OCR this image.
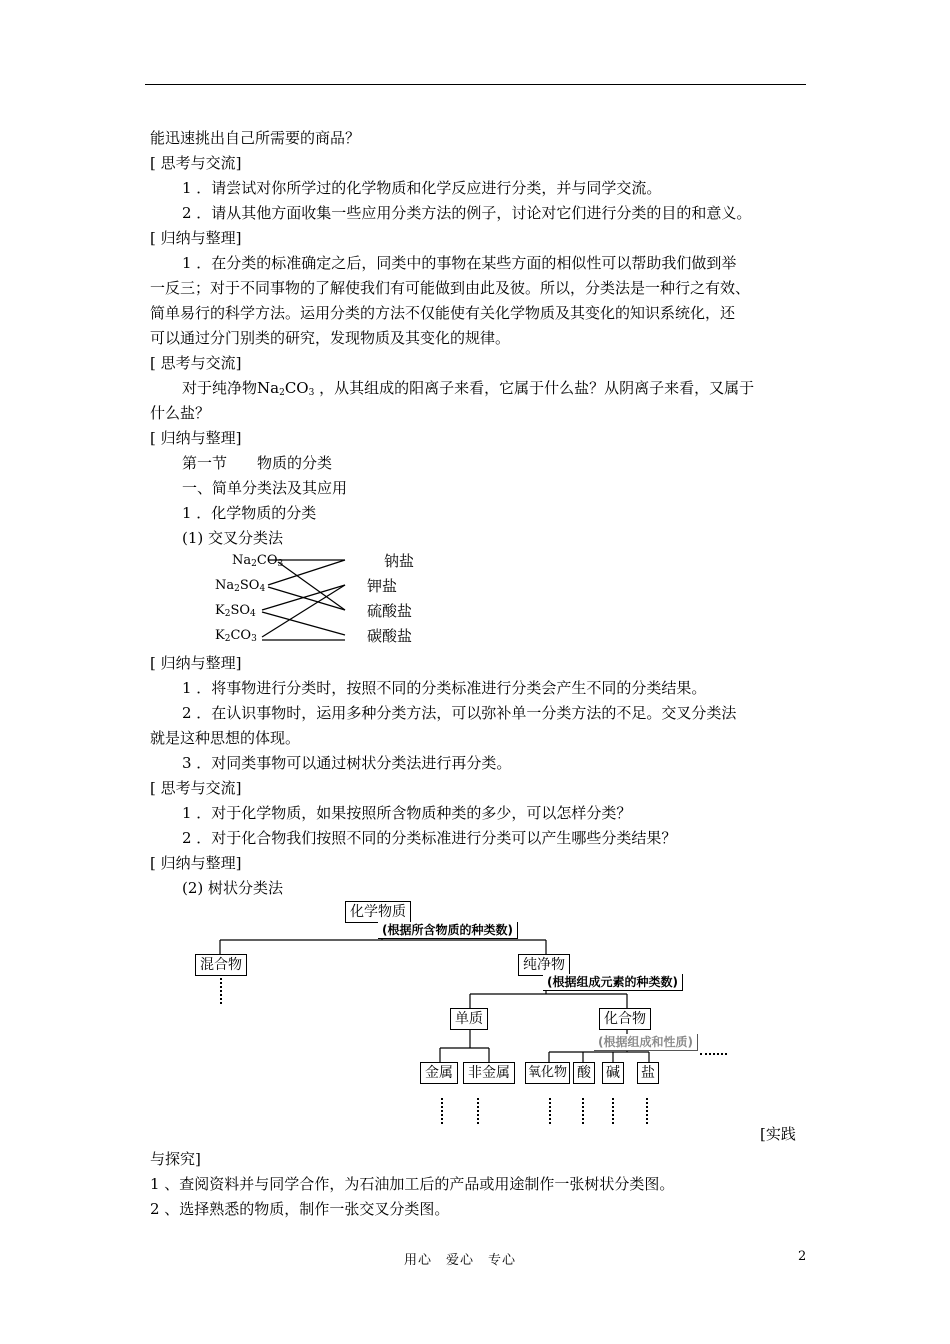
能迅速挑出自己所需要的商品？
[ 思考与交流]
1 ．请尝试对你所学过的化学物质和化学反应进行分类，并与同学交流。
2 ．请从其他方面收集一些应用分类方法的例子，讨论对它们进行分类的目的和意义。
[ 归纳与整理]
1 ．在分类的标准确定之后，同类中的事物在某些方面的相似性可以帮助我们做到举
一反三；对于不同事物的了解使我们有可能做到由此及彼。所以，分类法是一种行之有效、
简单易行的科学方法。运用分类的方法不仅能使有关化学物质及其变化的知识系统化，还
可以通过分门别类的研究，发现物质及其变化的规律。
[ 思考与交流]
对于纯净物$Na_2CO_3$ ，从其组成的阳离子来看，它属于什么盐？从阴离子来看，又属于
什么盐？
[ 归纳与整理]
第一节　　物质的分类
一、简单分类法及其应用
1 ．化学物质的分类
(1) 交叉分类法
$Na_2CO_3$
$Na_2SO_4$
$K_2SO_4$
$K_2CO_3$
钠盐
钾盐
硫酸盐
碳酸盐
[ 归纳与整理]
1 ．将事物进行分类时，按照不同的分类标准进行分类会产生不同的分类结果。
2 ．在认识事物时，运用多种分类方法，可以弥补单一分类方法的不足。交叉分类法
就是这种思想的体现。
3 ．对同类事物可以通过树状分类法进行再分类。
[ 思考与交流]
1 ．对于化学物质，如果按照所含物质种类的多少，可以怎样分类？
2 ．对于化合物我们按照不同的分类标准进行分类可以产生哪些分类结果？
[ 归纳与整理]
(2) 树状分类法
化学物质
(根据所含物质的种类数)
混合物	纯净物
(根据组成元素的种类数)
单质	化合物
(根据组成和性质)
金属	非金属	氧化物 酸 碱 盐
[实践
与探究]
1 、查阅资料并与同学合作，为石油加工后的产品或用途制作一张树状分类图。
2 、选择熟悉的物质，制作一张交叉分类图。
用心　爱心　专心	2
